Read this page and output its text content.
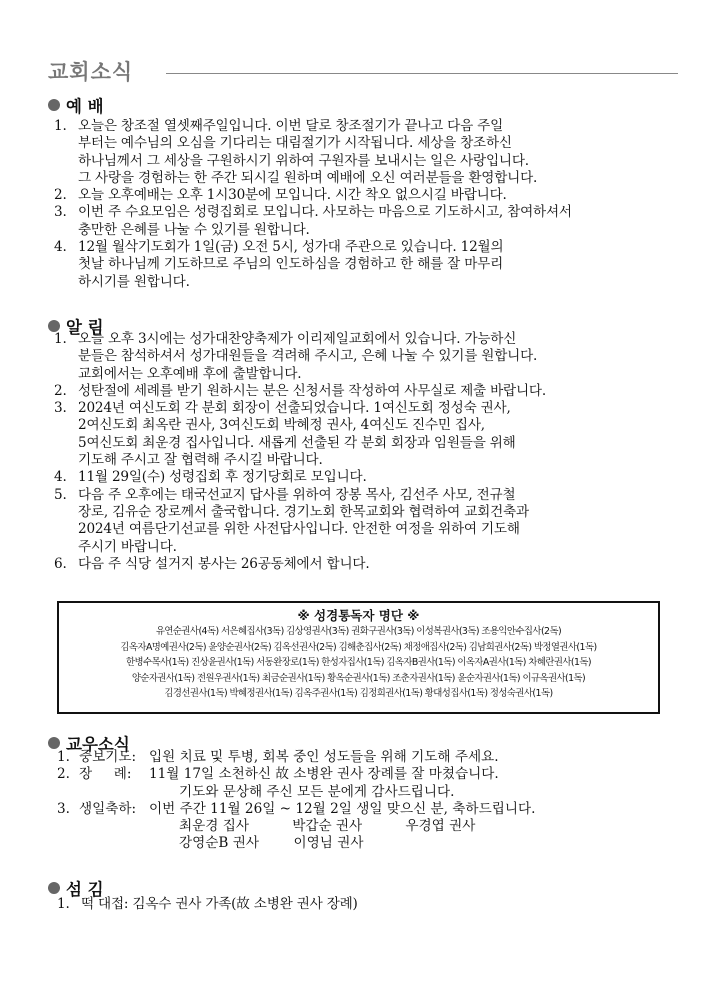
교회소식
예 배
1. 오늘은 창조절 열셋째주일입니다. 이번 달로 창조절기가 끝나고 다음 주일
부터는 예수님의 오심을 기다리는 대림절기가 시작됩니다. 세상을 창조하신
하나님께서 그 세상을 구원하시기 위하여 구원자를 보내시는 일은 사랑입니다.
그 사랑을 경험하는 한 주간 되시길 원하며 예배에 오신 여러분들을 환영합니다.
2. 오늘 오후예배는 오후 1시30분에 모입니다. 시간 착오 없으시길 바랍니다.
3. 이번 주 수요모임은 성령집회로 모입니다. 사모하는 마음으로 기도하시고, 참여하셔서
충만한 은혜를 나눌 수 있기를 원합니다.
4. 12월 월삭기도회가 1일(금) 오전 5시, 성가대 주관으로 있습니다. 12월의
첫날 하나님께 기도하므로 주님의 인도하심을 경험하고 한 해를 잘 마무리
하시기를 원합니다.
알 림
1. 오늘 오후 3시에는 성가대찬양축제가 이리제일교회에서 있습니다. 가능하신
분들은 참석하셔서 성가대원들을 격려해 주시고, 은혜 나눌 수 있기를 원합니다.
교회에서는 오후예배 후에 출발합니다.
2. 성탄절에 세례를 받기 원하시는 분은 신청서를 작성하여 사무실로 제출 바랍니다.
3. 2024년 여신도회 각 분회 회장이 선출되었습니다. 1여신도회 정성숙 권사,
2여신도회 최옥란 권사, 3여신도회 박혜정 권사, 4여신도 진수민 집사,
5여신도회 최운경 집사입니다. 새롭게 선출된 각 분회 회장과 임원들을 위해
기도해 주시고 잘 협력해 주시길 바랍니다.
4. 11월 29일(수) 성령집회 후 정기당회로 모입니다.
5. 다음 주 오후에는 태국선교지 답사를 위하여 장봉 목사, 김선주 사모, 전규철
장로, 김유순 장로께서 출국합니다. 경기노회 한목교회와 협력하여 교회건축과
2024년 여름단기선교를 위한 사전답사입니다. 안전한 여정을 위하여 기도해
주시기 바랍니다.
6. 다음 주 식당 설거지 봉사는 26공동체에서 합니다.
※ 성경통독자 명단 ※
유연순권사(4독) 서은혜집사(3독) 김상영권사(3독) 권화구권사(3독) 이성복권사(3독) 조용익안수집사(2독)
김옥자A명예권사(2독) 윤양순권사(2독) 김옥선권사(2독) 김해춘집사(2독) 채정애집사(2독) 김남희권사(2독) 박정열권사(1독)
한병수목사(1독) 진상윤권사(1독) 서동완장로(1독) 한성자집사(1독) 김옥자B권사(1독) 이옥자A권사(1독) 차혜란권사(1독)
양순자권사(1독) 전원우권사(1독) 최금순권사(1독) 황옥순권사(1독) 조춘자권사(1독) 윤순자권사(1독) 이규옥권사(1독)
김경선권사(1독) 박혜정권사(1독) 김옥주권사(1독) 김정희권사(1독) 황대성집사(1독) 정성숙권사(1독)
교우소식
1. 중보기도: 입원 치료 및 투병, 회복 중인 성도들을 위해 기도해 주세요.
2. 장     례: 11월 17일 소천하신 故 소병완 권사 장례를 잘 마쳤습니다.
기도와 문상해 주신 모든 분에게 감사드립니다.
3. 생일축하: 이번 주간 11월 26일 ~ 12월 2일 생일 맞으신 분, 축하드립니다.
최운경 집사          박갑순 권사          우경엽 권사
강영순B 권사        이영님 권사
섬 김
1. 떡 대접: 김옥수 권사 가족(故 소병완 권사 장례)
